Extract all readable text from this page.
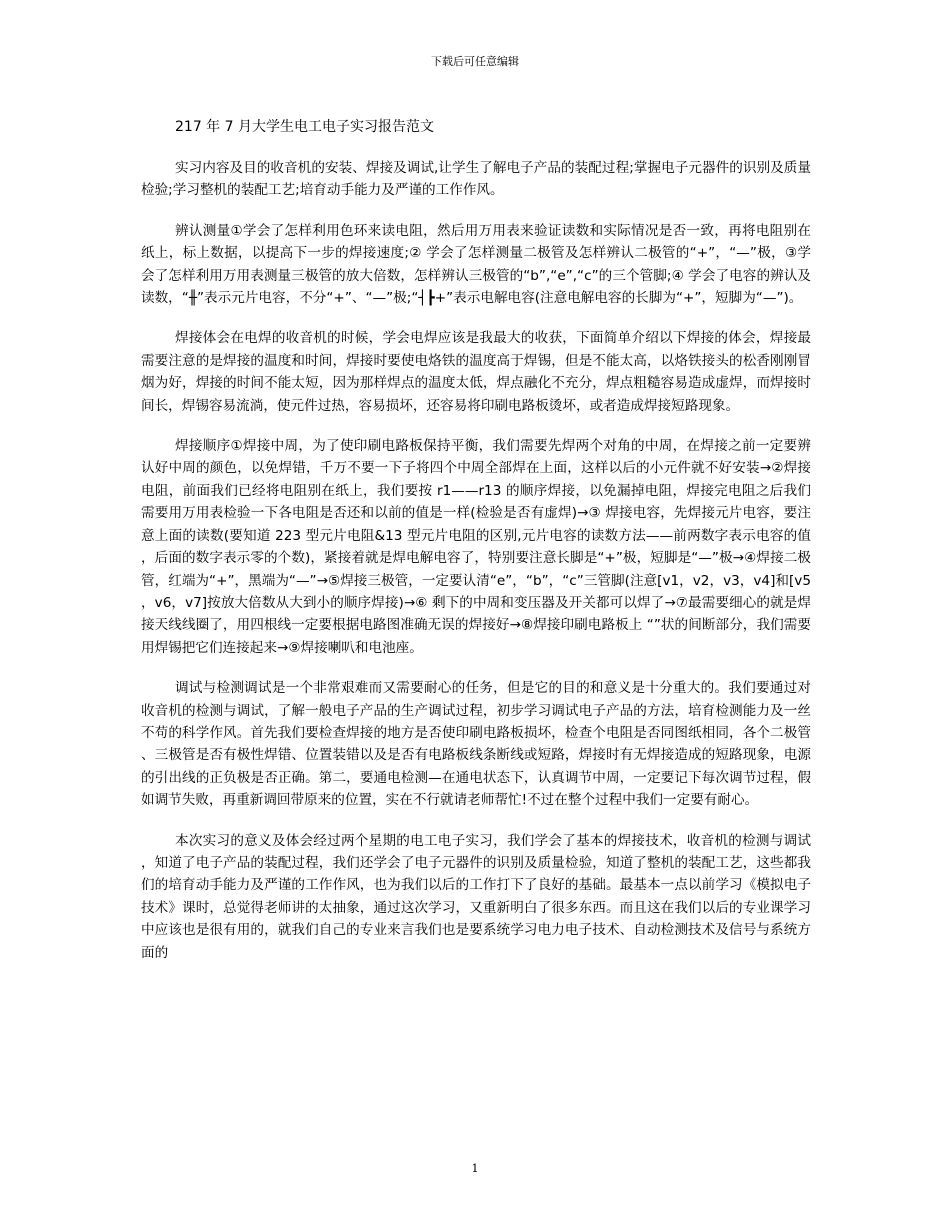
下载后可任意编辑
217 年 7 月大学生电工电子实习报告范文

实习内容及目的收音机的安装、焊接及调试,让学生了解电子产品的装配过程;掌握电子元器件的识别及质量检验;学习整机的装配工艺;培育动手能力及严谨的工作作风。

辨认测量①学会了怎样利用色环来读电阻，然后用万用表来验证读数和实际情况是否一致，再将电阻别在纸上，标上数据，以提高下一步的焊接速度;② 学会了怎样测量二极管及怎样辨认二极管的“+”，“—”极，③学会了怎样利用万用表测量三极管的放大倍数，怎样辨认三极管的“b”,“e”,“c”的三个管脚;④ 学会了电容的辨认及读数，“╫”表示元片电容，不分“+”、“—”极;“┤┣+”表示电解电容(注意电解电容的长脚为“+”，短脚为“—”)。

焊接体会在电焊的收音机的时候，学会电焊应该是我最大的收获，下面简单介绍以下焊接的体会，焊接最需要注意的是焊接的温度和时间，焊接时要使电烙铁的温度高于焊锡，但是不能太高，以烙铁接头的松香刚刚冒烟为好，焊接的时间不能太短，因为那样焊点的温度太低，焊点融化不充分，焊点粗糙容易造成虚焊，而焊接时间长，焊锡容易流淌，使元件过热，容易损坏，还容易将印刷电路板烫坏，或者造成焊接短路现象。

焊接顺序①焊接中周，为了使印刷电路板保持平衡，我们需要先焊两个对角的中周，在焊接之前一定要辨认好中周的颜色，以免焊错，千万不要一下子将四个中周全部焊在上面，这样以后的小元件就不好安装→②焊接电阻，前面我们已经将电阻别在纸上，我们要按 r1——r13 的顺序焊接，以免漏掉电阻，焊接完电阻之后我们需要用万用表检验一下各电阻是否还和以前的值是一样(检验是否有虚焊)→③ 焊接电容，先焊接元片电容，要注意上面的读数(要知道 223 型元片电阻&13 型元片电阻的区别,元片电容的读数方法——前两数字表示电容的值，后面的数字表示零的个数)，紧接着就是焊电解电容了，特别要注意长脚是“+”极，短脚是“—”极→④焊接二极管，红端为“+”，黑端为“—”→⑤焊接三极管，一定要认清“e”，“b”，“c”三管脚(注意[v1，v2，v3，v4]和[v5，v6，v7]按放大倍数从大到小的顺序焊接)→⑥ 剩下的中周和变压器及开关都可以焊了→⑦最需要细心的就是焊接天线线圈了，用四根线一定要根据电路图准确无误的焊接好→⑧焊接印刷电路板上 “”状的间断部分，我们需要用焊锡把它们连接起来→⑨焊接喇叭和电池座。

调试与检测调试是一个非常艰难而又需要耐心的任务，但是它的目的和意义是十分重大的。我们要通过对收音机的检测与调试，了解一般电子产品的生产调试过程，初步学习调试电子产品的方法，培育检测能力及一丝不苟的科学作风。首先我们要检查焊接的地方是否使印刷电路板损坏，检查个电阻是否同图纸相同，各个二极管、三极管是否有极性焊错、位置装错以及是否有电路板线条断线或短路，焊接时有无焊接造成的短路现象，电源的引出线的正负极是否正确。第二，要通电检测—在通电状态下，认真调节中周，一定要记下每次调节过程，假如调节失败，再重新调回带原来的位置，实在不行就请老师帮忙!不过在整个过程中我们一定要有耐心。

本次实习的意义及体会经过两个星期的电工电子实习，我们学会了基本的焊接技术，收音机的检测与调试，知道了电子产品的装配过程，我们还学会了电子元器件的识别及质量检验，知道了整机的装配工艺，这些都我们的培育动手能力及严谨的工作作风，也为我们以后的工作打下了良好的基础。最基本一点以前学习《模拟电子技术》课时，总觉得老师讲的太抽象，通过这次学习，又重新明白了很多东西。而且这在我们以后的专业课学习中应该也是很有用的，就我们自己的专业来言我们也是要系统学习电力电子技术、自动检测技术及信号与系统方面的

1
